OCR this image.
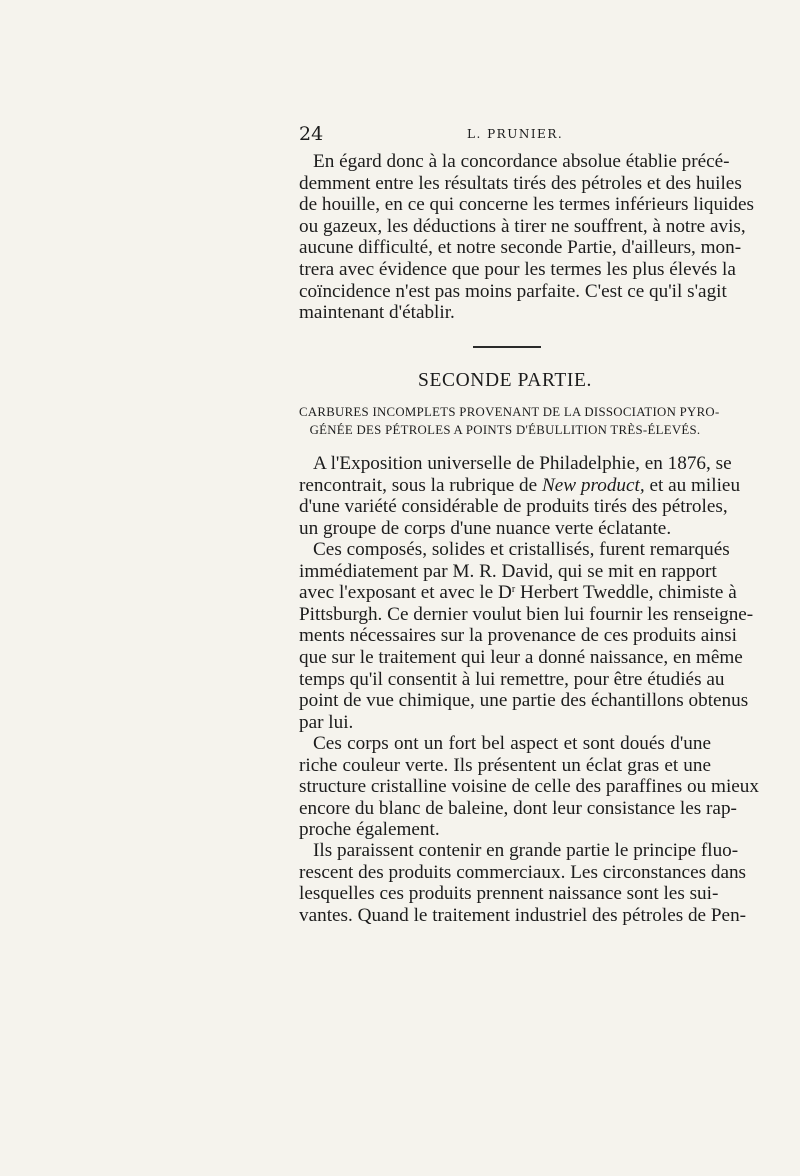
24	L. PRUNIER.
En égard donc à la concordance absolue établie précé-
demment entre les résultats tirés des pétroles et des huiles
de houille, en ce qui concerne les termes inférieurs liquides
ou gazeux, les déductions à tirer ne souffrent, à notre avis,
aucune difficulté, et notre seconde Partie, d'ailleurs, mon-
trera avec évidence que pour les termes les plus élevés la
coïncidence n'est pas moins parfaite. C'est ce qu'il s'agit
maintenant d'établir.
SECONDE PARTIE.
CARBURES INCOMPLETS PROVENANT DE LA DISSOCIATION PYRO-
GÉNÉE DES PÉTROLES A POINTS D'ÉBULLITION TRÈS-ÉLEVÉS.
A l'Exposition universelle de Philadelphie, en 1876, se
rencontrait, sous la rubrique de New product, et au milieu
d'une variété considérable de produits tirés des pétroles,
un groupe de corps d'une nuance verte éclatante.
Ces composés, solides et cristallisés, furent remarqués
immédiatement par M. R. David, qui se mit en rapport
avec l'exposant et avec le $D^r$ Herbert Tweddle, chimiste à
Pittsburgh. Ce dernier voulut bien lui fournir les renseigne-
ments nécessaires sur la provenance de ces produits ainsi
que sur le traitement qui leur a donné naissance, en même
temps qu'il consentit à lui remettre, pour être étudiés au
point de vue chimique, une partie des échantillons obtenus
par lui.
Ces corps ont un fort bel aspect et sont doués d'une
riche couleur verte. Ils présentent un éclat gras et une
structure cristalline voisine de celle des paraffines ou mieux
encore du blanc de baleine, dont leur consistance les rap-
proche également.
Ils paraissent contenir en grande partie le principe fluo-
rescent des produits commerciaux. Les circonstances dans
lesquelles ces produits prennent naissance sont les sui-
vantes. Quand le traitement industriel des pétroles de Pen-
